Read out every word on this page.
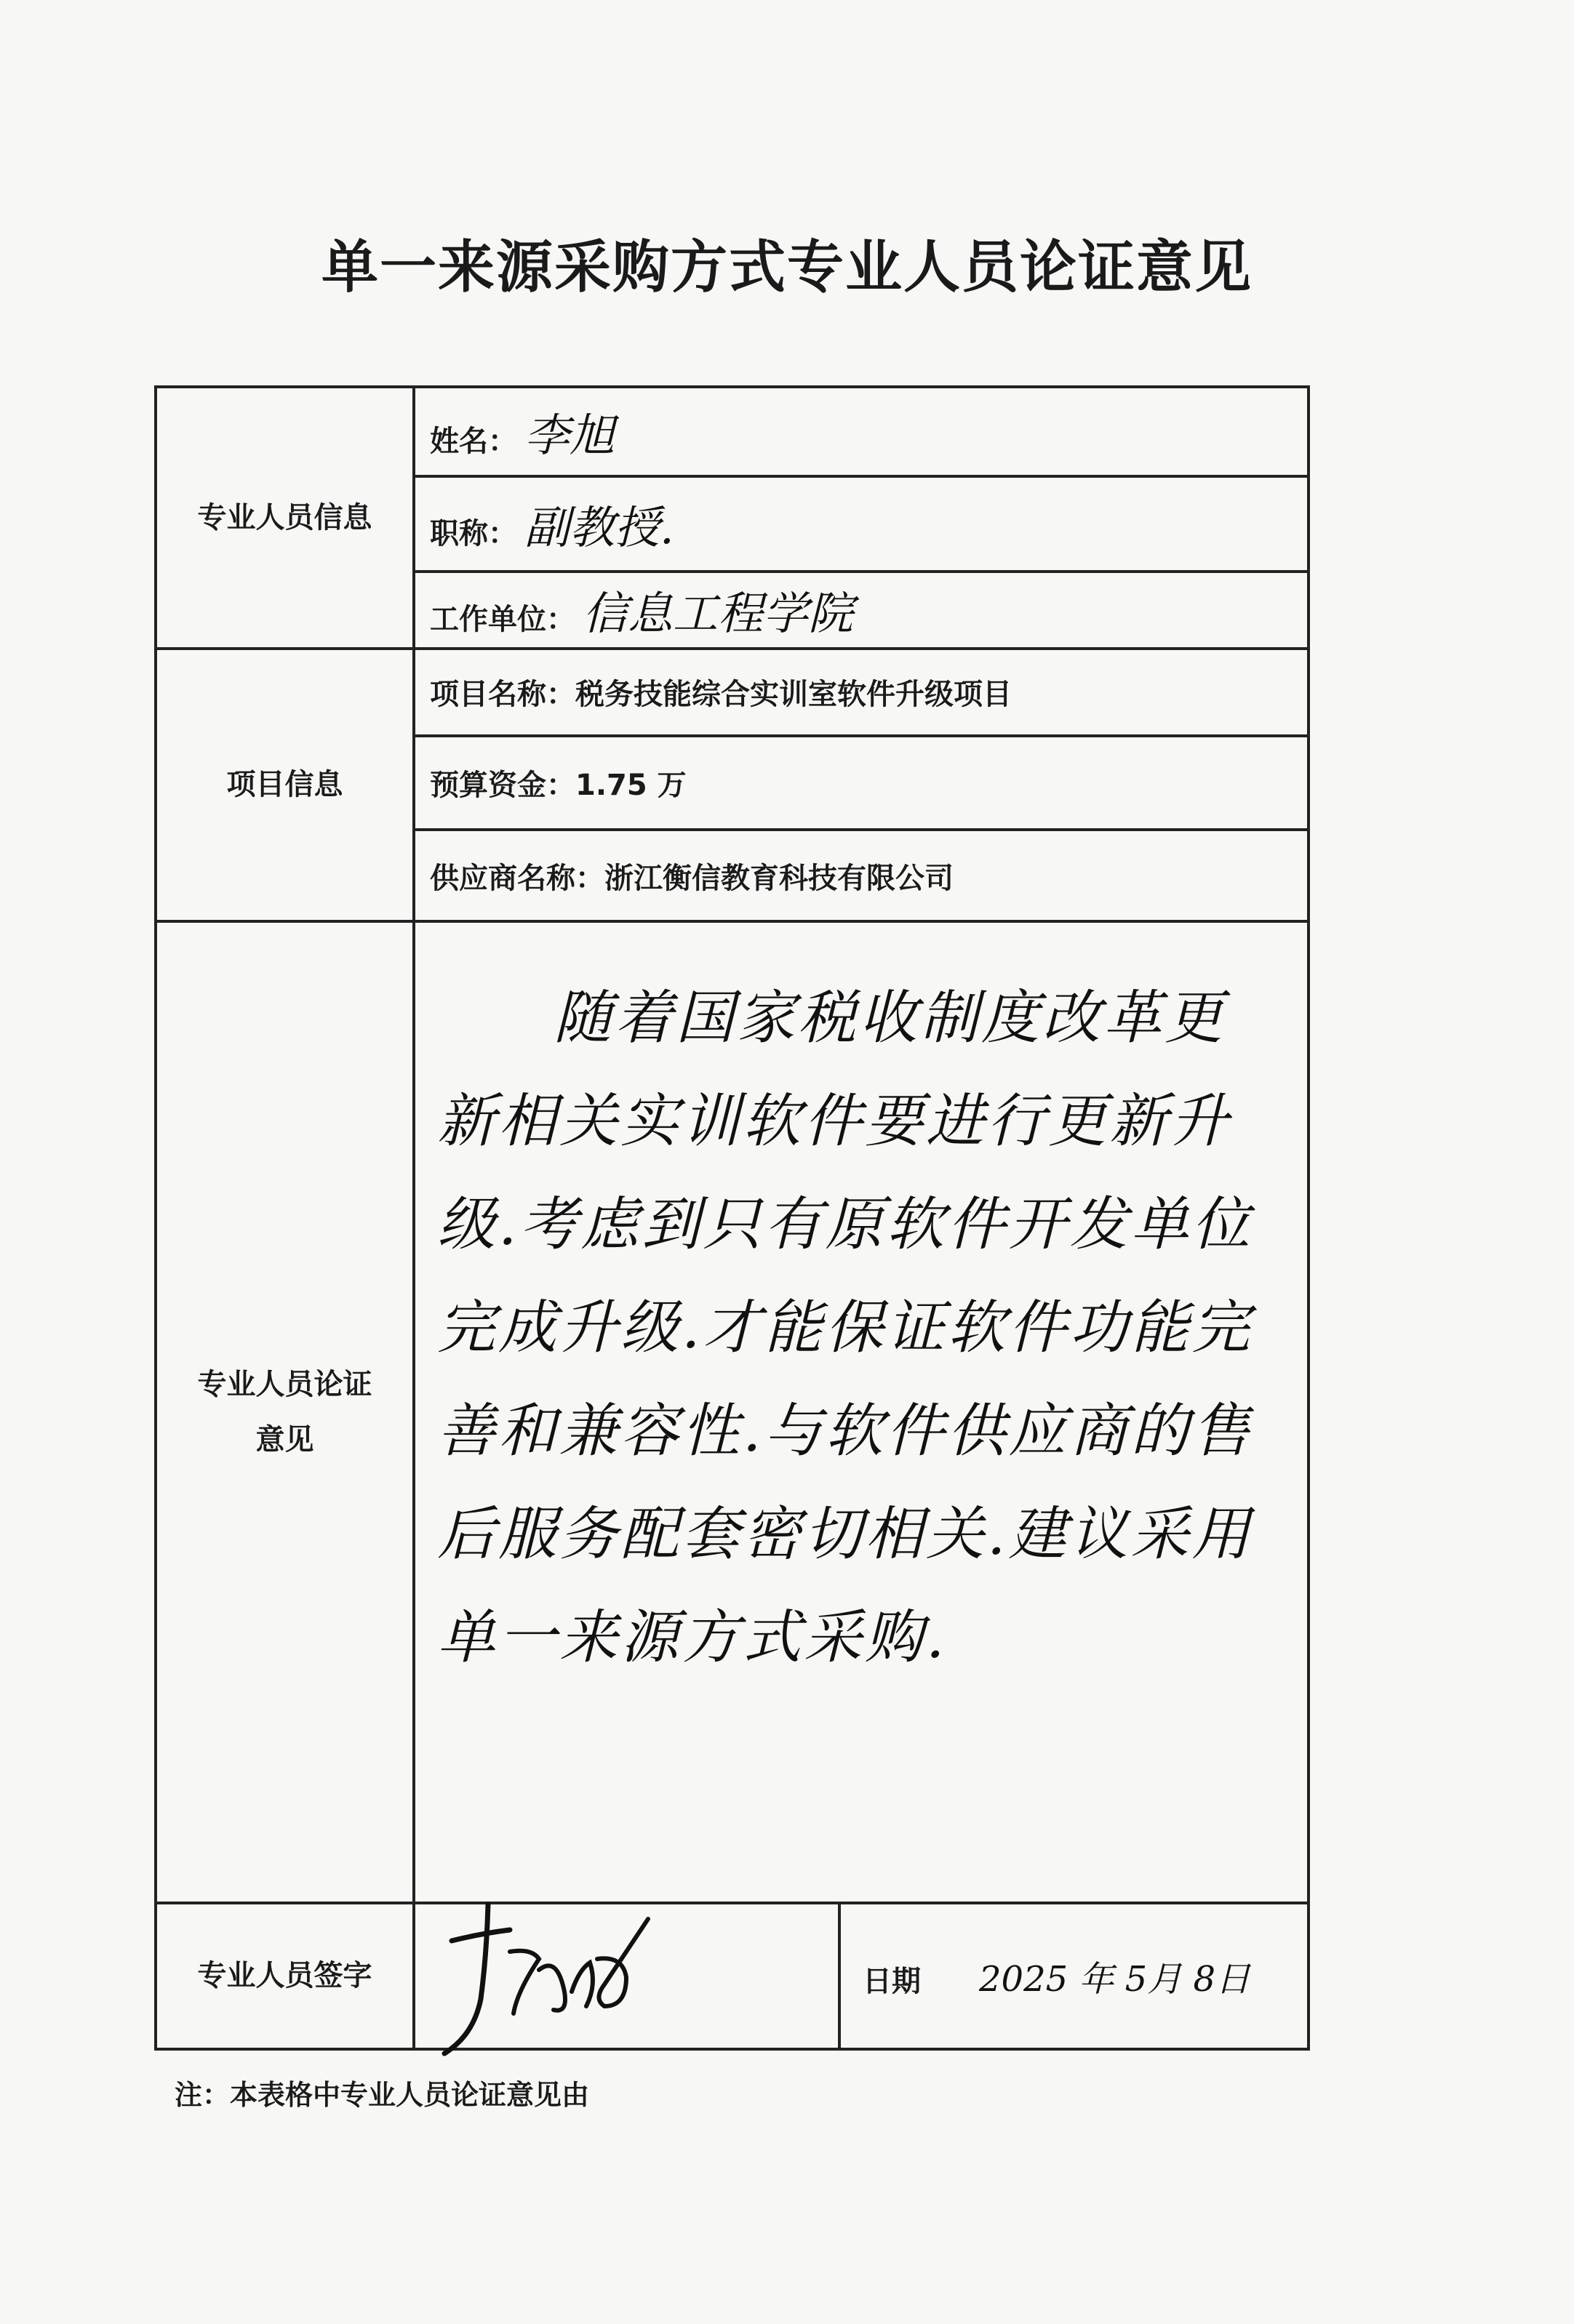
单一来源采购方式专业人员论证意见
专业人员信息	姓名： 李旭	
	职称： 副教授.	
	工作单位： 信息工程学院	
项目信息	项目名称：税务技能综合实训室软件升级项目	
	预算资金：1.75 万	
	供应商名称：浙江衡信教育科技有限公司	

专业人员论证
意见	随着国家税收制度改革更新相关实训软件要进行更新升级.考虑到只有原软件开发单位完成升级.才能保证软件功能完善和兼容性.与软件供应商的售后服务配套密切相关.建议采用单一来源方式采购.	

专业人员签字		日期 2025 年 5月 8日
注：本表格中专业人员论证意见由
